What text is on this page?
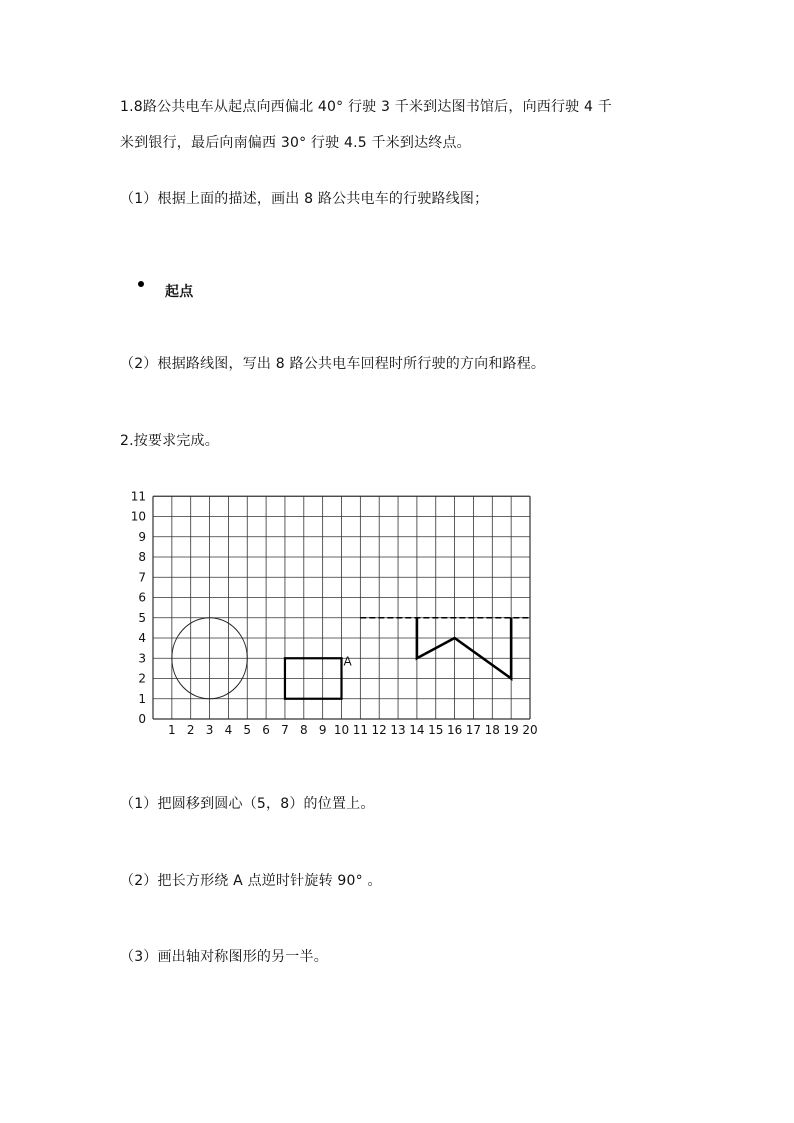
1.8路公共电车从起点向西偏北 40° 行驶 3 千米到达图书馆后，向西行驶 4 千
米到银行，最后向南偏西 30° 行驶 4.5 千米到达终点。
（1）根据上面的描述，画出 8 路公共电车的行驶路线图；
起点
（2）根据路线图，写出 8 路公共电车回程时所行驶的方向和路程。
2.按要求完成。
1 2 3 4 5 6 7 8 9 10 11 12 13 14 15 16 17 18 19 20
0
1
2
3
4
5
6
7
8
9
10
11
A
（1）把圆移到圆心（5，8）的位置上。
（2）把长方形绕 A 点逆时针旋转 90° 。
（3）画出轴对称图形的另一半。
